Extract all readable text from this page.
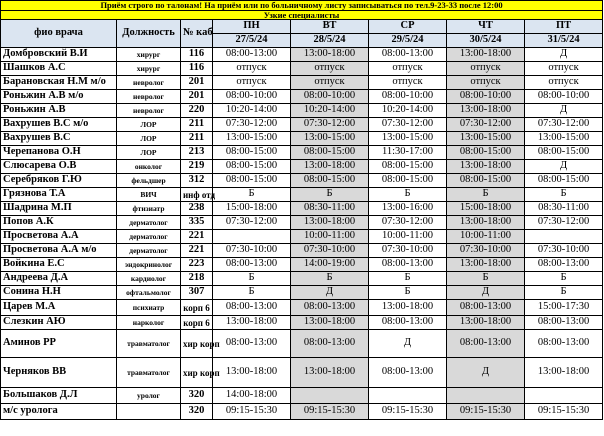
Приём строго по талонам! На приём или по больничному листу записываться по тел.9-23-33 после 12:00							
Узкие специалисты							
фио врача	Должность	№ каб	ПН	ВТ	СР	ЧТ	ПТ
			27/5/24	28/5/24	29/5/24	30/5/24	31/5/24
Домбровский В.И	хирург	116	08:00-13:00	13:00-18:00	08:00-13:00	13:00-18:00	Д
Шашков А.С	хирург	116	отпуск	отпуск	отпуск	отпуск	отпуск
Барановская Н.М м/о	невролог	201	отпуск	отпуск	отпуск	отпуск	отпуск
Роньжин А.В м/о	невролог	201	08:00-10:00	08:00-10:00	08:00-10:00	08:00-10:00	08:00-10:00
Роньжин А.В	невролог	220	10:20-14:00	10:20-14:00	10:20-14:00	13:00-18:00	Д
Вахрушев В.С м/о	ЛОР	211	07:30-12:00	07:30-12:00	07:30-12:00	07:30-12:00	07:30-12:00
Вахрушев В.С	ЛОР	211	13:00-15:00	13:00-15:00	13:00-15:00	13:00-15:00	13:00-15:00
Черепанова О.Н	ЛОР	213	08:00-15:00	08:00-15:00	11:30-17:00	08:00-15:00	08:00-15:00
Слюсарева О.В	онколог	219	08:00-15:00	13:00-18:00	08:00-15:00	13:00-18:00	Д
Серебряков Г.Ю	фельдшер	312	08:00-15:00	08:00-15:00	08:00-15:00	08:00-15:00	08:00-15:00
Грязнова Т.А	ВИЧ	инф отд	Б	Б	Б	Б	Б
Шадрина М.П	фтизиатр	238	15:00-18:00	08:30-11:00	13:00-16:00	15:00-18:00	08:30-11:00
Попов А.К	дерматолог	335	07:30-12:00	13:00-18:00	07:30-12:00	13:00-18:00	07:30-12:00
Просветова А.А	дерматолог	221		10:00-11:00	10:00-11:00	10:00-11:00	
Просветова А.А м/о	дерматолог	221	07:30-10:00	07:30-10:00	07:30-10:00	07:30-10:00	07:30-10:00
Войкина Е.С	эндокринолог	223	08:00-13:00	14:00-19:00	08:00-13:00	13:00-18:00	08:00-13:00
Андреева Д.А	кардиолог	218	Б	Б	Б	Б	Б
Сонина Н.Н	офтальмолог	307	Б	Д	Б	Д	Б
Царев М.А	психиатр	корп 6	08:00-13:00	08:00-13:00	13:00-18:00	08:00-13:00	15:00-17:30
Слезкин АЮ	нарколог	корп 6	13:00-18:00	13:00-18:00	08:00-13:00	13:00-18:00	08:00-13:00
Аминов РР	травматолог	хир корп	08:00-13:00	08:00-13:00	Д	08:00-13:00	08:00-13:00
Черняков ВВ	травматолог	хир корп	13:00-18:00	13:00-18:00	08:00-13:00	Д	13:00-18:00
Большаков Д.Л	уролог	320	14:00-18:00				
м/с уролога		320	09:15-15:30	09:15-15:30	09:15-15:30	09:15-15:30	09:15-15:30
